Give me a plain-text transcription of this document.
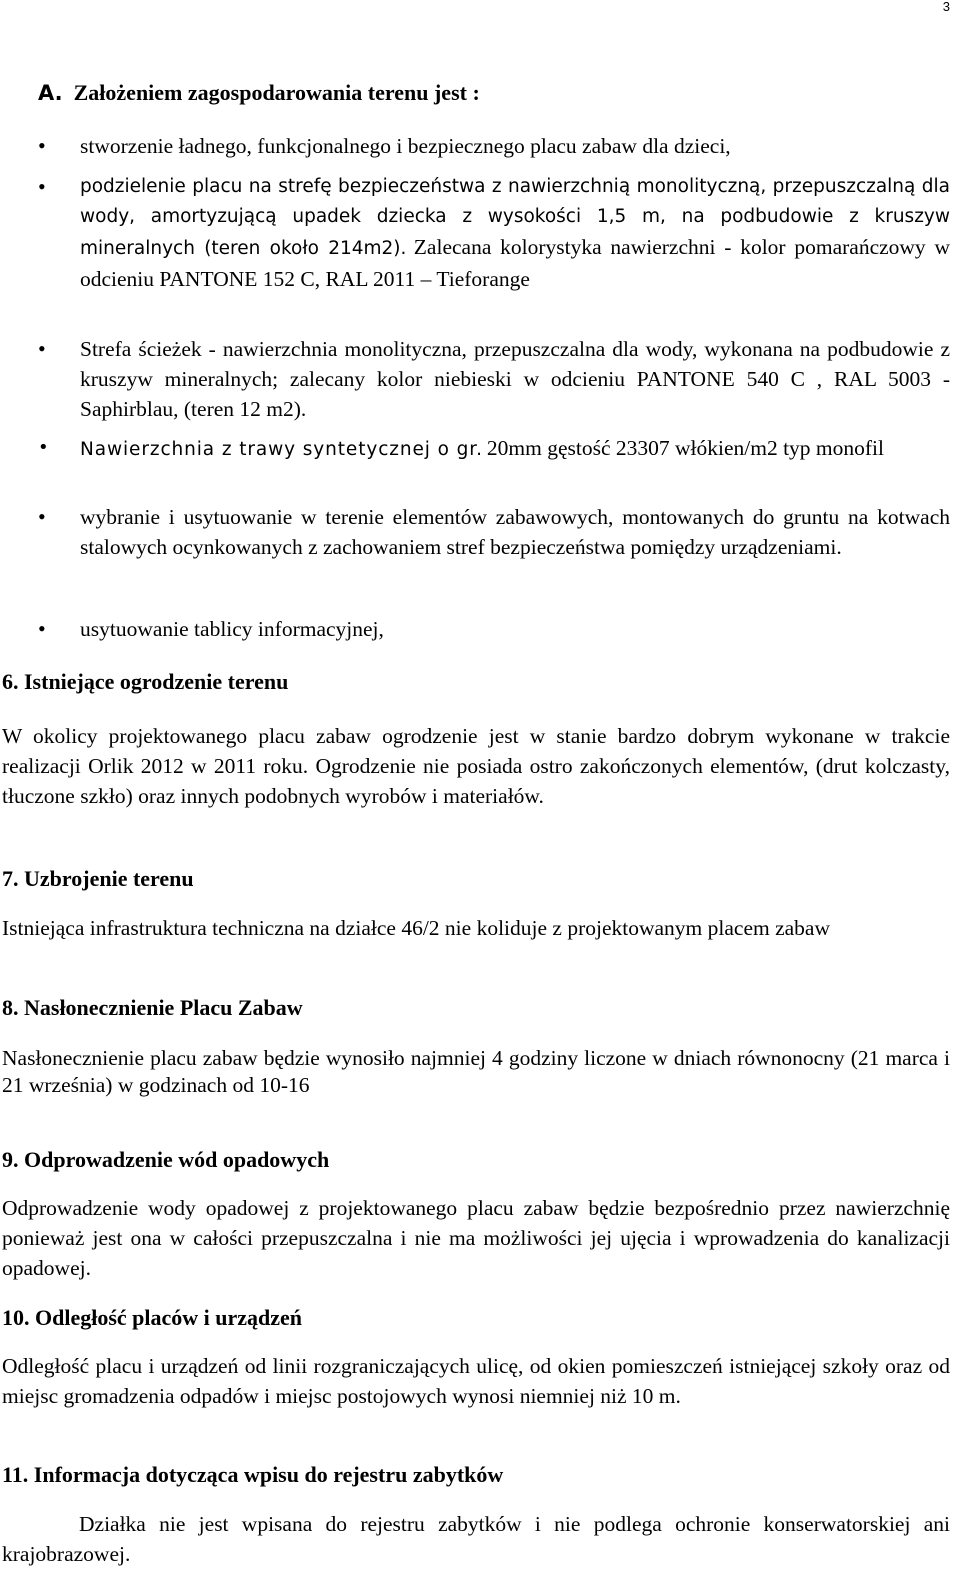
3
A. Założeniem zagospodarowania terenu jest :
• stworzenie ładnego, funkcjonalnego i bezpiecznego placu zabaw dla dzieci,

• podzielenie placu na strefę bezpieczeństwa z nawierzchnią monolityczną, przepuszczalną dla wody, amortyzującą upadek dziecka z wysokości 1,5 m, na podbudowie z kruszyw mineralnych (teren około 214m2). Zalecana kolorystyka nawierzchni - kolor pomarańczowy w odcieniu PANTONE 152 C, RAL 2011 – Tieforange

• Strefa ścieżek - nawierzchnia monolityczna, przepuszczalna dla wody, wykonana na podbudowie z kruszyw mineralnych; zalecany kolor niebieski w odcieniu PANTONE 540 C , RAL 5003 - Saphirblau, (teren 12 m2).

• Nawierzchnia z trawy syntetycznej o gr. 20mm gęstość 23307 włókien/m2 typ monofil

• wybranie i usytuowanie w terenie elementów zabawowych, montowanych do gruntu na kotwach stalowych ocynkowanych z zachowaniem stref bezpieczeństwa pomiędzy urządzeniami.

• usytuowanie tablicy informacyjnej,

6. Istniejące ogrodzenie terenu

W okolicy projektowanego placu zabaw ogrodzenie jest w stanie bardzo dobrym wykonane w trakcie realizacji Orlik 2012 w 2011 roku. Ogrodzenie nie posiada ostro zakończonych elementów, (drut kolczasty, tłuczone szkło) oraz innych podobnych wyrobów i materiałów.

7. Uzbrojenie terenu

Istniejąca infrastruktura techniczna na działce 46/2 nie koliduje z projektowanym placem zabaw

8. Nasłonecznienie Placu Zabaw

Nasłonecznienie placu zabaw będzie wynosiło najmniej 4 godziny liczone w dniach równonocny (21 marca i 21 września) w godzinach od 10-16

9. Odprowadzenie wód opadowych

Odprowadzenie wody opadowej z projektowanego placu zabaw będzie bezpośrednio przez nawierzchnię ponieważ jest ona w całości przepuszczalna i nie ma możliwości jej ujęcia i wprowadzenia do kanalizacji opadowej.

10. Odległość placów i urządzeń

Odległość placu i urządzeń od linii rozgraniczających ulicę, od okien pomieszczeń istniejącej szkoły oraz od miejsc gromadzenia odpadów i miejsc postojowych wynosi niemniej niż 10 m.

11. Informacja dotycząca wpisu do rejestru zabytków

Działka nie jest wpisana do rejestru zabytków i nie podlega ochronie konserwatorskiej ani krajobrazowej.
